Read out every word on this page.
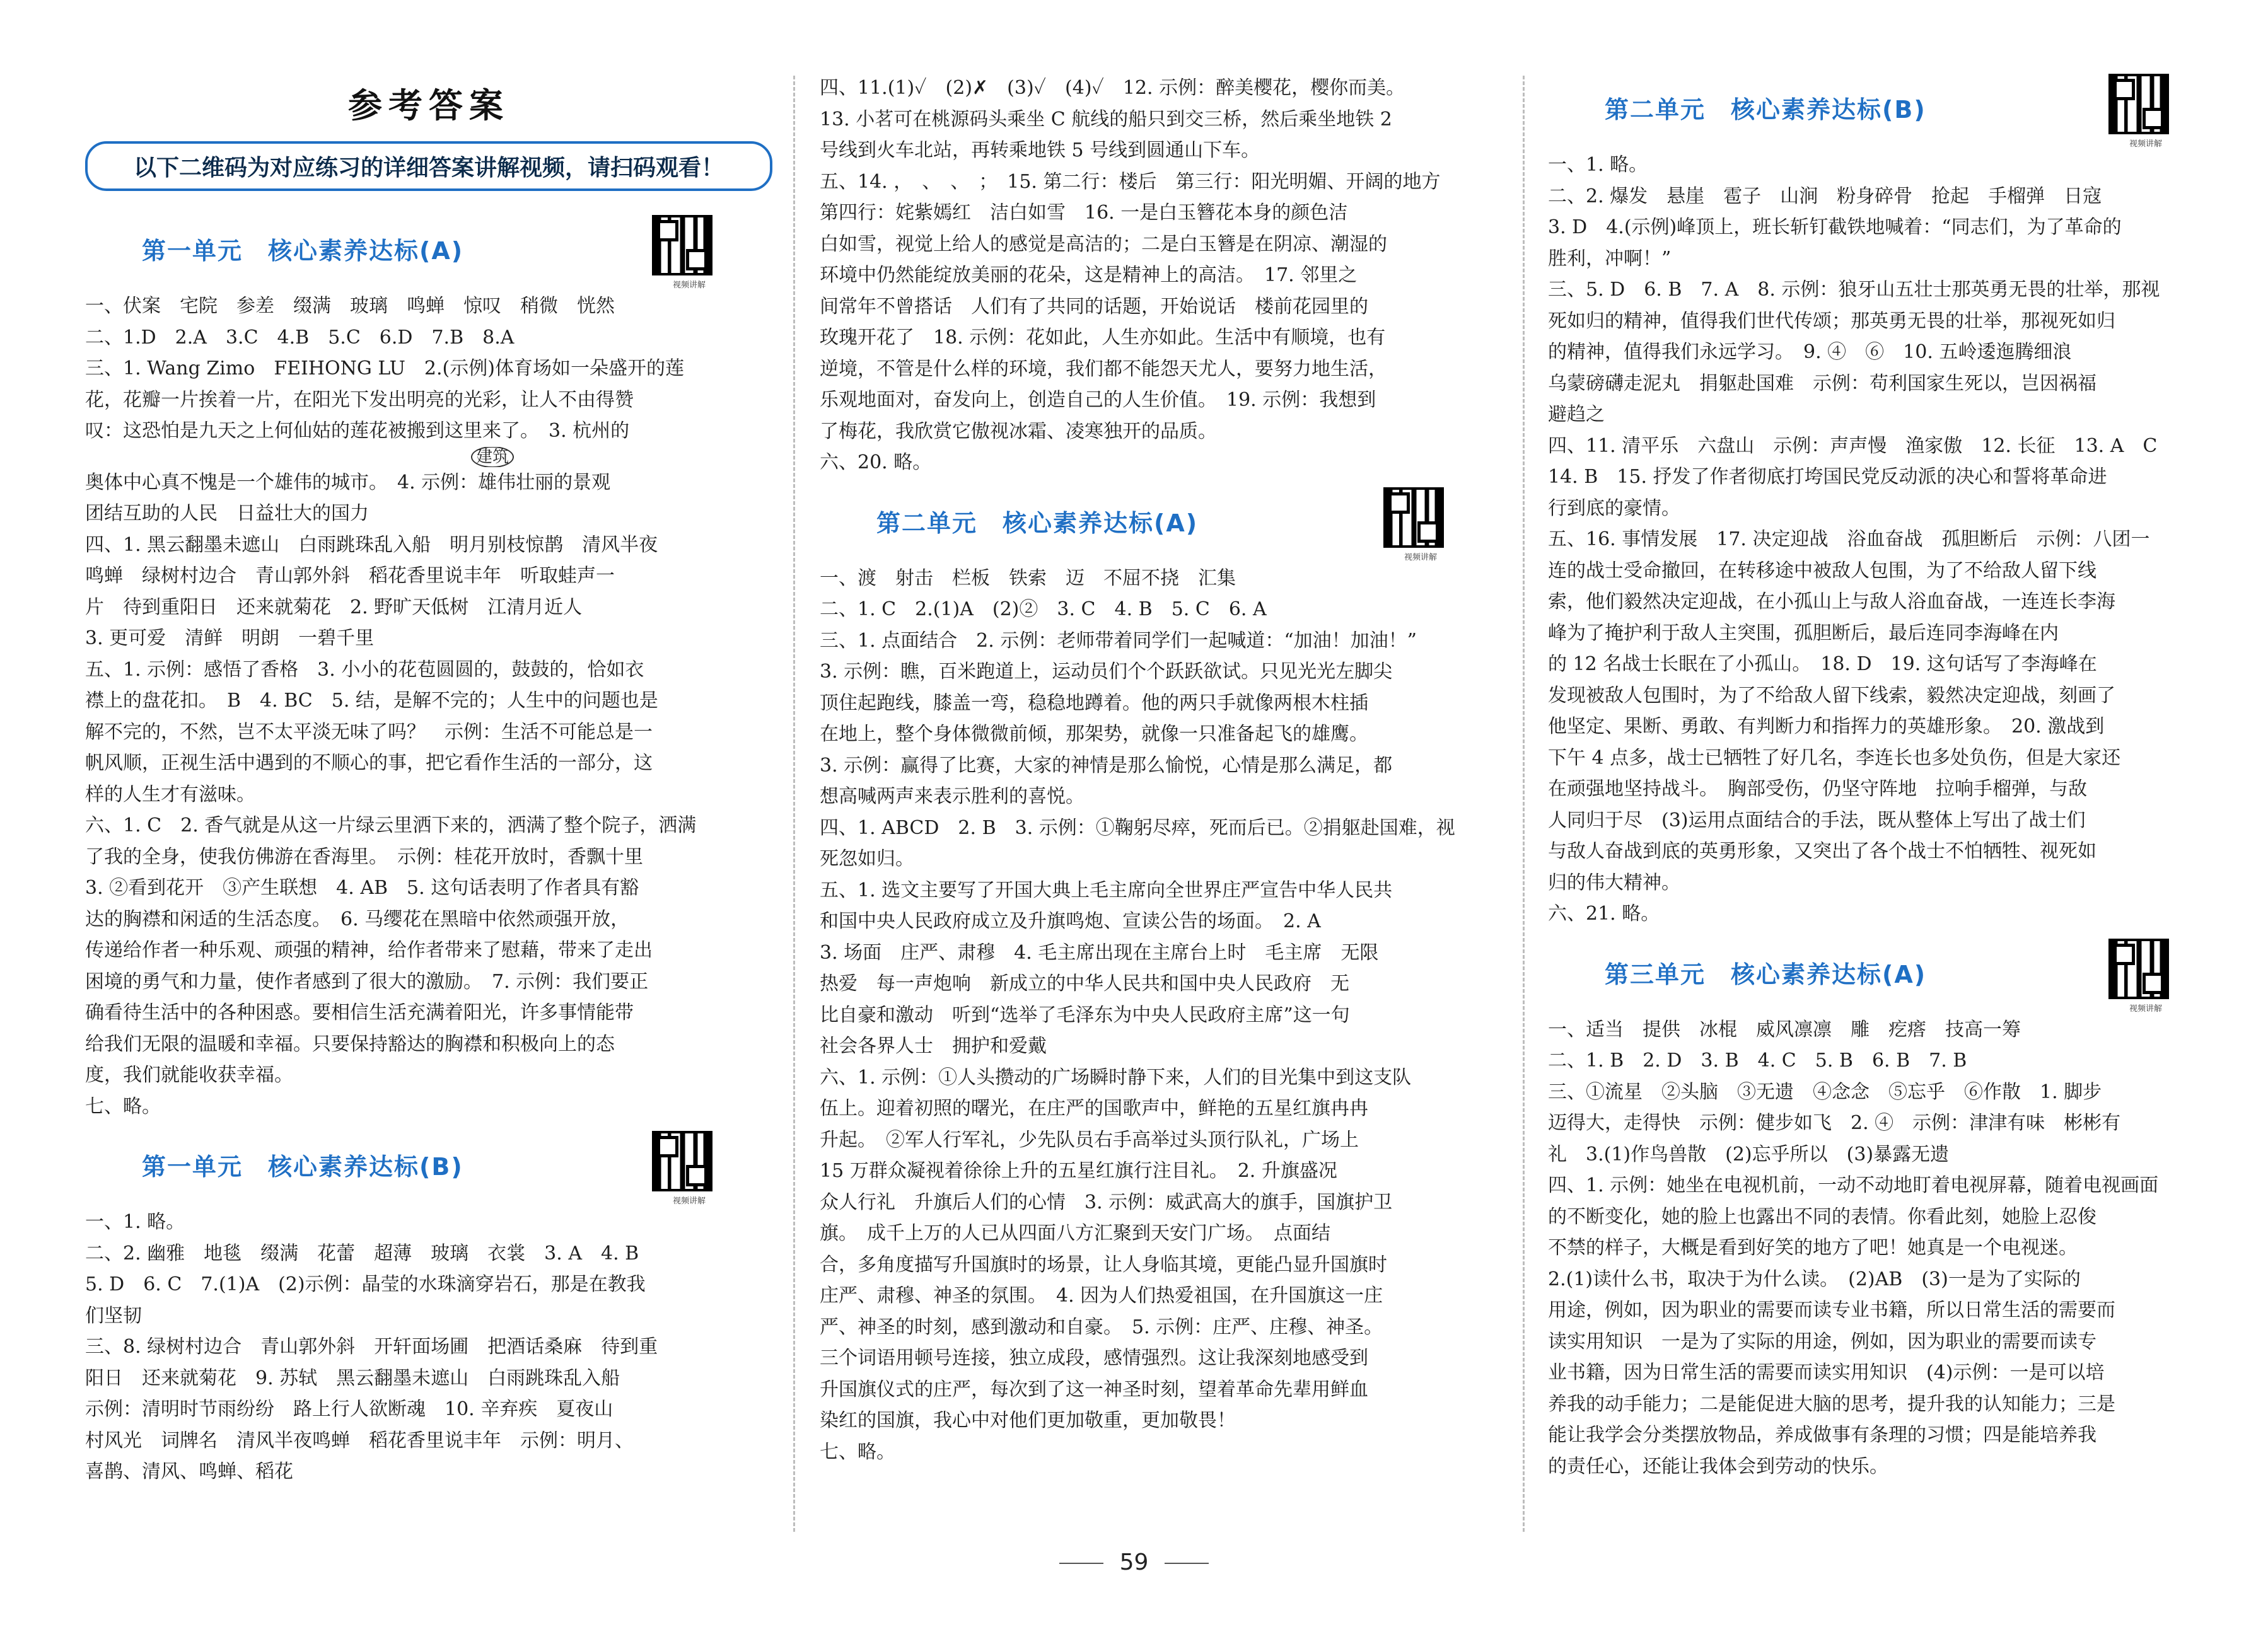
参考答案
以下二维码为对应练习的详细答案讲解视频，请扫码观看！
第一单元　核心素养达标(A)
视频讲解
一、伏案　宅院　参差　缀满　玻璃　鸣蝉　惊叹　稍微　恍然
二、1.D　2.A　3.C　4.B　5.C　6.D　7.B　8.A
三、1. Wang Zimo　FEIHONG LU　2.(示例)体育场如一朵盛开的莲
花，花瓣一片挨着一片，在阳光下发出明亮的光彩，让人不由得赞
叹：这恐怕是九天之上何仙姑的莲花被搬到这里来了。　3. 杭州的
建筑
奥体中心真不愧是一个雄伟的城市。　4. 示例：雄伟壮丽的景观
团结互助的人民　日益壮大的国力
四、1. 黑云翻墨未遮山　白雨跳珠乱入船　明月别枝惊鹊　清风半夜
鸣蝉　绿树村边合　青山郭外斜　稻花香里说丰年　听取蛙声一
片　待到重阳日　还来就菊花　2. 野旷天低树　江清月近人
3. 更可爱　清鲜　明朗　一碧千里
五、1. 示例：感悟了香格　3. 小小的花苞圆圆的，鼓鼓的，恰如衣
襟上的盘花扣。　B　4. BC　5. 结，是解不完的；人生中的问题也是
解不完的，不然，岂不太平淡无味了吗？　示例：生活不可能总是一
帆风顺，正视生活中遇到的不顺心的事，把它看作生活的一部分，这
样的人生才有滋味。
六、1. C　2. 香气就是从这一片绿云里洒下来的，洒满了整个院子，洒满
了我的全身，使我仿佛游在香海里。　示例：桂花开放时，香飘十里
3. ②看到花开　③产生联想　4. AB　5. 这句话表明了作者具有豁
达的胸襟和闲适的生活态度。　6. 马缨花在黑暗中依然顽强开放，
传递给作者一种乐观、顽强的精神，给作者带来了慰藉，带来了走出
困境的勇气和力量，使作者感到了很大的激励。　7. 示例：我们要正
确看待生活中的各种困惑。要相信生活充满着阳光，许多事情能带
给我们无限的温暖和幸福。只要保持豁达的胸襟和积极向上的态
度，我们就能收获幸福。
七、略。
第一单元　核心素养达标(B)
视频讲解
一、1. 略。
二、2. 幽雅　地毯　缀满　花蕾　超薄　玻璃　衣裳　3. A　4. B
5. D　6. C　7.(1)A　(2)示例：晶莹的水珠滴穿岩石，那是在教我
们坚韧
三、8. 绿树村边合　青山郭外斜　开轩面场圃　把酒话桑麻　待到重
阳日　还来就菊花　9. 苏轼　黑云翻墨未遮山　白雨跳珠乱入船
示例：清明时节雨纷纷　路上行人欲断魂　10. 辛弃疾　夏夜山
村风光　词牌名　清风半夜鸣蝉　稻花香里说丰年　示例：明月、
喜鹊、清风、鸣蝉、稻花
四、11.(1)✓　(2)✗　(3)✓　(4)✓　12. 示例：醉美樱花，樱你而美。
13. 小茗可在桃源码头乘坐 C 航线的船只到交三桥，然后乘坐地铁 2
号线到火车北站，再转乘地铁 5 号线到圆通山下车。
五、14. ，　、　、　；　15. 第二行：楼后　第三行：阳光明媚、开阔的地方
第四行：姹紫嫣红　洁白如雪　16. 一是白玉簪花本身的颜色洁
白如雪，视觉上给人的感觉是高洁的；二是白玉簪是在阴凉、潮湿的
环境中仍然能绽放美丽的花朵，这是精神上的高洁。　17. 邻里之
间常年不曾搭话　人们有了共同的话题，开始说话　楼前花园里的
玫瑰开花了　18. 示例：花如此，人生亦如此。生活中有顺境，也有
逆境，不管是什么样的环境，我们都不能怨天尤人，要努力地生活，
乐观地面对，奋发向上，创造自己的人生价值。　19. 示例：我想到
了梅花，我欣赏它傲视冰霜、凌寒独开的品质。
六、20. 略。
第二单元　核心素养达标(A)
视频讲解
一、渡　射击　栏板　铁索　迈　不屈不挠　汇集
二、1. C　2.(1)A　(2)②　3. C　4. B　5. C　6. A
三、1. 点面结合　2. 示例：老师带着同学们一起喊道：“加油！加油！”
3. 示例：瞧，百米跑道上，运动员们个个跃跃欲试。只见光光左脚尖
顶住起跑线，膝盖一弯，稳稳地蹲着。他的两只手就像两根木柱插
在地上，整个身体微微前倾，那架势，就像一只准备起飞的雄鹰。
3. 示例：赢得了比赛，大家的神情是那么愉悦，心情是那么满足，都
想高喊两声来表示胜利的喜悦。
四、1. ABCD　2. B　3. 示例：①鞠躬尽瘁，死而后已。②捐躯赴国难，视
死忽如归。
五、1. 选文主要写了开国大典上毛主席向全世界庄严宣告中华人民共
和国中央人民政府成立及升旗鸣炮、宣读公告的场面。　2. A
3. 场面　庄严、肃穆　4. 毛主席出现在主席台上时　毛主席　无限
热爱　每一声炮响　新成立的中华人民共和国中央人民政府　无
比自豪和激动　听到“选举了毛泽东为中央人民政府主席”这一句
社会各界人士　拥护和爱戴
六、1. 示例：①人头攒动的广场瞬时静下来，人们的目光集中到这支队
伍上。迎着初照的曙光，在庄严的国歌声中，鲜艳的五星红旗冉冉
升起。　②军人行军礼，少先队员右手高举过头顶行队礼，广场上
15 万群众凝视着徐徐上升的五星红旗行注目礼。　2. 升旗盛况
众人行礼　升旗后人们的心情　3. 示例：威武高大的旗手，国旗护卫
旗。　成千上万的人已从四面八方汇聚到天安门广场。　点面结
合，多角度描写升国旗时的场景，让人身临其境，更能凸显升国旗时
庄严、肃穆、神圣的氛围。　4. 因为人们热爱祖国，在升国旗这一庄
严、神圣的时刻，感到激动和自豪。　5. 示例：庄严、庄穆、神圣。
三个词语用顿号连接，独立成段，感情强烈。这让我深刻地感受到
升国旗仪式的庄严，每次到了这一神圣时刻，望着革命先辈用鲜血
染红的国旗，我心中对他们更加敬重，更加敬畏！
七、略。
第二单元　核心素养达标(B)
视频讲解
一、1. 略。
二、2. 爆发　悬崖　雹子　山涧　粉身碎骨　抢起　手榴弹　日寇
3. D　4.(示例)峰顶上，班长斩钉截铁地喊着：“同志们，为了革命的
胜利，冲啊！”
三、5. D　6. B　7. A　8. 示例：狼牙山五壮士那英勇无畏的壮举，那视
死如归的精神，值得我们世代传颂；那英勇无畏的壮举，那视死如归
的精神，值得我们永远学习。　9. ④　⑥　10. 五岭逶迤腾细浪
乌蒙磅礴走泥丸　捐躯赴国难　示例：苟利国家生死以，岂因祸福
避趋之
四、11. 清平乐　六盘山　示例：声声慢　渔家傲　12. 长征　13. A　C
14. B　15. 抒发了作者彻底打垮国民党反动派的决心和誓将革命进
行到底的豪情。
五、16. 事情发展　17. 决定迎战　浴血奋战　孤胆断后　示例：八团一
连的战士受命撤回，在转移途中被敌人包围，为了不给敌人留下线
索，他们毅然决定迎战，在小孤山上与敌人浴血奋战，一连连长李海
峰为了掩护利于敌人主突围，孤胆断后，最后连同李海峰在内
的 12 名战士长眠在了小孤山。　18. D　19. 这句话写了李海峰在
发现被敌人包围时，为了不给敌人留下线索，毅然决定迎战，刻画了
他坚定、果断、勇敢、有判断力和指挥力的英雄形象。　20. 激战到
下午 4 点多，战士已牺牲了好几名，李连长也多处负伤，但是大家还
在顽强地坚持战斗。　胸部受伤，仍坚守阵地　拉响手榴弹，与敌
人同归于尽　(3)运用点面结合的手法，既从整体上写出了战士们
与敌人奋战到底的英勇形象，又突出了各个战士不怕牺牲、视死如
归的伟大精神。
六、21. 略。
第三单元　核心素养达标(A)
视频讲解
一、适当　提供　冰棍　威风凛凛　雕　疙瘩　技高一筹
二、1. B　2. D　3. B　4. C　5. B　6. B　7. B
三、①流星　②头脑　③无遗　④念念　⑤忘乎　⑥作散　1. 脚步
迈得大，走得快　示例：健步如飞　2. ④　示例：津津有味　彬彬有
礼　3.(1)作鸟兽散　(2)忘乎所以　(3)暴露无遗
四、1. 示例：她坐在电视机前，一动不动地盯着电视屏幕，随着电视画面
的不断变化，她的脸上也露出不同的表情。你看此刻，她脸上忍俊
不禁的样子，大概是看到好笑的地方了吧！她真是一个电视迷。
2.(1)读什么书，取决于为什么读。　(2)AB　(3)一是为了实际的
用途，例如，因为职业的需要而读专业书籍，所以日常生活的需要而
读实用知识　一是为了实际的用途，例如，因为职业的需要而读专
业书籍，因为日常生活的需要而读实用知识　(4)示例：一是可以培
养我的动手能力；二是能促进大脑的思考，提升我的认知能力；三是
能让我学会分类摆放物品，养成做事有条理的习惯；四是能培养我
的责任心，还能让我体会到劳动的快乐。
59
